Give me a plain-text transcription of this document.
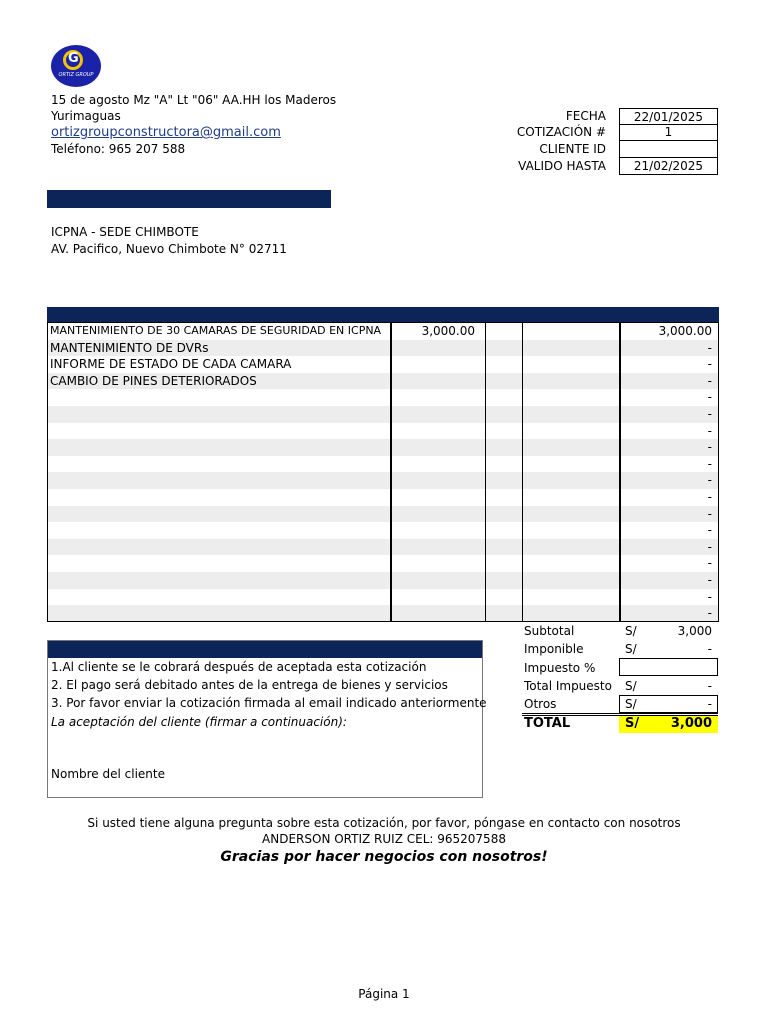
G
ORTIZ GROUP
15 de agosto Mz "A" Lt "06" AA.HH los Maderos
Yurimaguas
ortizgroupconstructora@gmail.com
Teléfono: 965 207 588
FECHA	22/01/2025
COTIZACIÓN #	1
CLIENTE ID
VALIDO HASTA	21/02/2025
ICPNA - SEDE CHIMBOTE
AV. Pacifico, Nuevo Chimbote N° 02711
MANTENIMIENTO DE 30 CAMARAS DE SEGURIDAD EN ICPNA	3,000.00	3,000.00
MANTENIMIENTO DE DVRs	-
INFORME DE ESTADO DE CADA CAMARA	-
CAMBIO DE PINES DETERIORADOS	-
-
-
-
-
-
-
-
-
-
-
-
-
-
-
1.Al cliente se le cobrará después de aceptada esta cotización
2. El pago será debitado antes de la entrega de bienes y servicios
3. Por favor enviar la cotización firmada al email indicado anteriormente
La aceptación del cliente (firmar a continuación):
Nombre del cliente
Subtotal	S/	3,000
Imponible	S/	-
Impuesto %
Total Impuesto S/	-
Otros	S/	-
TOTAL	S/	3,000
Si usted tiene alguna pregunta sobre esta cotización, por favor, póngase en contacto con nosotros
ANDERSON ORTIZ RUIZ CEL: 965207588
Gracias por hacer negocios con nosotros!
Página 1
